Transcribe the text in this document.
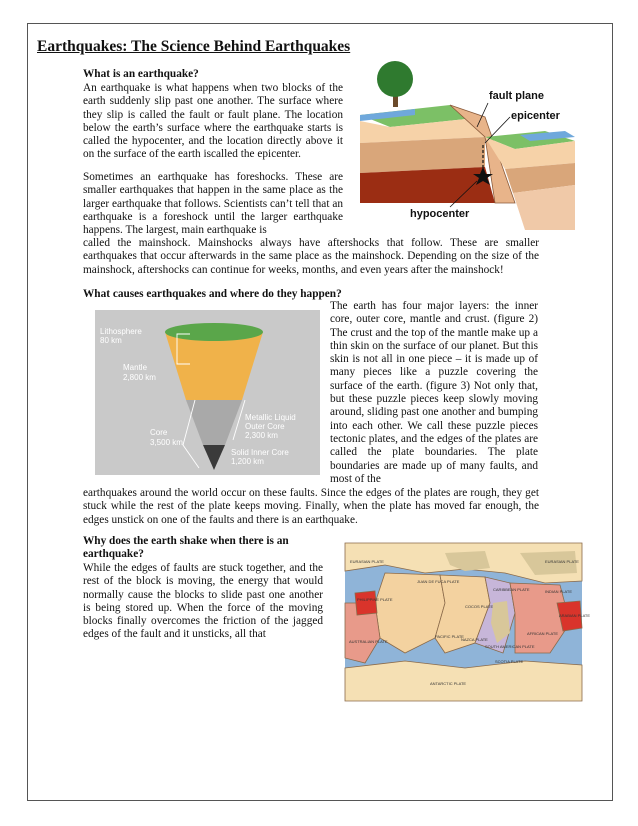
Earthquakes: The Science Behind Earthquakes
What is an earthquake?
An earthquake is what happens when two blocks of the earth suddenly slip past one another. The surface where they slip is called the fault or fault plane. The location below the earth’s surface where the earthquake starts is called the hypocenter, and the location directly above it on the surface of the earth iscalled the epicenter.
Sometimes an earthquake has foreshocks. These are smaller earthquakes that happen in the same place as the larger earthquake that follows. Scientists can’t tell that an earthquake is a foreshock until the larger earthquake happens. The largest, main earthquake is
called the mainshock. Mainshocks always have aftershocks that follow. These are smaller earthquakes that occur afterwards in the same place as the mainshock. Depending on the size of the mainshock, aftershocks can continue for weeks, months, and even years after the mainshock!
fault plane
epicenter
hypocenter
What causes earthquakes and where do they happen?
The earth has four major layers: the inner core, outer core, mantle and crust. (figure 2) The crust and the top of the mantle make up a thin skin on the surface of our planet. But this skin is not all in one piece – it is made up of many pieces like a puzzle covering the surface of the earth. (figure 3) Not only that, but these puzzle pieces keep slowly moving around, sliding past one another and bumping into each other. We call these puzzle pieces tectonic plates, and the edges of the plates are called the plate boundaries. The plate boundaries are made up of many faults, and most of the
earthquakes around the world occur on these faults. Since the edges of the plates are rough, they get stuck while the rest of the plate keeps moving. Finally, when the plate has moved far enough, the edges unstick on one of the faults and there is an earthquake.
Lithosphere
80 km
Mantle
2,800 km
Core
3,500 km
Metallic Liquid
Outer Core
2,300 km
Solid Inner Core
1,200 km
Why does the earth shake when there is an
earthquake?
While the edges of faults are stuck together, and the rest of the block is moving, the energy that would normally cause the blocks to slide past one another is being stored up. When the force of the moving blocks finally overcomes the friction of the jagged edges of the fault and it unsticks, all that
EURASIAN PLATE
PHILIPPINE PLATE
JUAN DE FUCA PLATE
CARIBBEAN PLATE
PACIFIC PLATE
COCOS PLATE
NAZCA PLATE
SOUTH AMERICAN PLATE
AFRICAN PLATE
ARABIAN PLATE
AUSTRALIAN PLATE
ANTARCTIC PLATE
EURASIAN PLATE
INDIAN PLATE
SCOTIA PLATE
